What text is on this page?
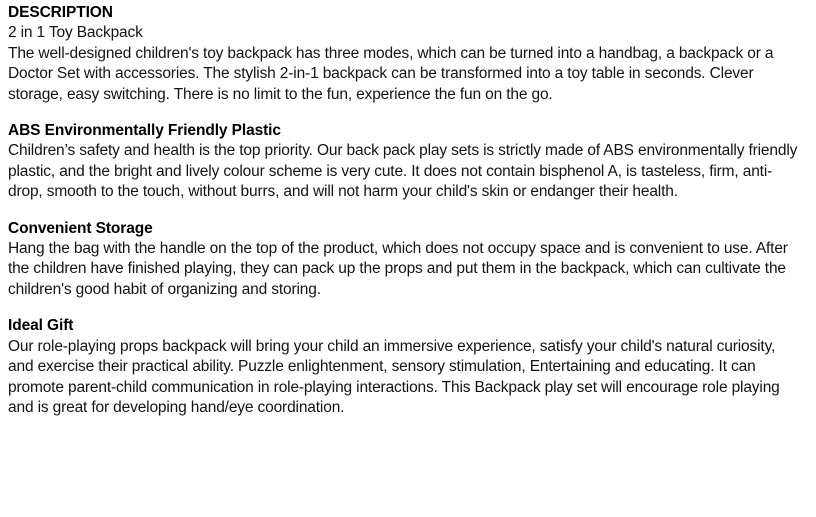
DESCRIPTION

2 in 1 Toy Backpack

The well-designed children's toy backpack has three modes, which can be turned into a handbag, a backpack or a Doctor Set with accessories. The stylish 2-in-1 backpack can be transformed into a toy table in seconds. Clever storage, easy switching. There is no limit to the fun, experience the fun on the go.

ABS Environmentally Friendly Plastic

Children’s safety and health is the top priority. Our back pack play sets is strictly made of ABS environmentally friendly plastic, and the bright and lively colour scheme is very cute. It does not contain bisphenol A, is tasteless, firm, anti-drop, smooth to the touch, without burrs, and will not harm your child's skin or endanger their health.

Convenient Storage

Hang the bag with the handle on the top of the product, which does not occupy space and is convenient to use. After the children have finished playing, they can pack up the props and put them in the backpack, which can cultivate the children's good habit of organizing and storing.

Ideal Gift

Our role-playing props backpack will bring your child an immersive experience, satisfy your child's natural curiosity, and exercise their practical ability. Puzzle enlightenment, sensory stimulation, Entertaining and educating. It can promote parent-child communication in role-playing interactions. This Backpack play set will encourage role playing and is great for developing hand/eye coordination.
